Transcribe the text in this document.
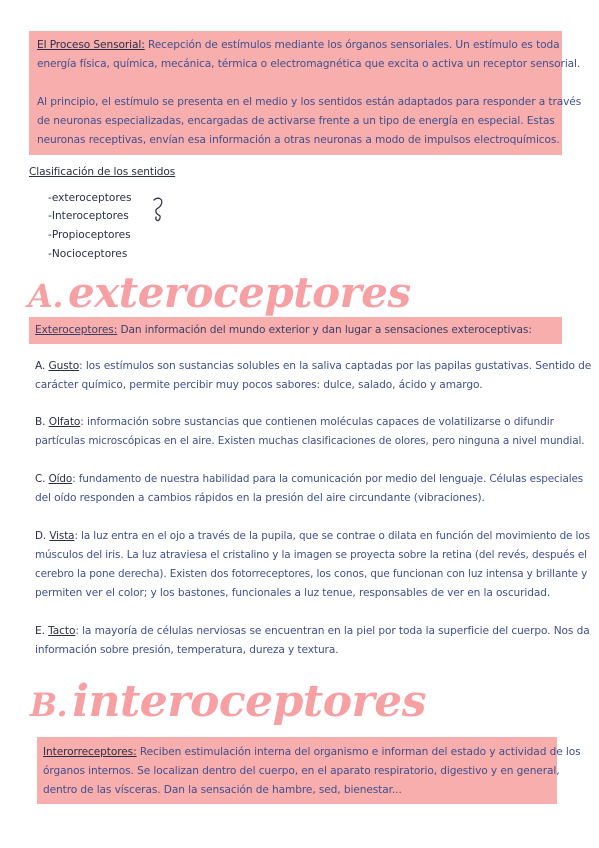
El Proceso Sensorial: Recepción de estímulos mediante los órganos sensoriales. Un estímulo es toda
energía física, química, mecánica, térmica o electromagnética que excita o activa un receptor sensorial.
Al principio, el estímulo se presenta en el medio y los sentidos están adaptados para responder a través
de neuronas especializadas, encargadas de activarse frente a un tipo de energía en especial. Estas
neuronas receptivas, envían esa información a otras neuronas a modo de impulsos electroquímicos.
Clasificación de los sentidos
-exteroceptores
-Interoceptores
-Propioceptores
-Nocioceptores
A. exteroceptores
Exteroceptores: Dan información del mundo exterior y dan lugar a sensaciones exteroceptivas:
A. Gusto: los estímulos son sustancias solubles en la saliva captadas por las papilas gustativas. Sentido de
carácter químico, permite percibir muy pocos sabores: dulce, salado, ácido y amargo.
B. Olfato: información sobre sustancias que contienen moléculas capaces de volatilizarse o difundir
partículas microscópicas en el aire. Existen muchas clasificaciones de olores, pero ninguna a nivel mundial.
C. Oído: fundamento de nuestra habilidad para la comunicación por medio del lenguaje. Células especiales
del oído responden a cambios rápidos en la presión del aire circundante (vibraciones).
D. Vista: la luz entra en el ojo a través de la pupila, que se contrae o dilata en función del movimiento de los
músculos del iris. La luz atraviesa el cristalino y la imagen se proyecta sobre la retina (del revés, después el
cerebro la pone derecha). Existen dos fotorreceptores, los conos, que funcionan con luz intensa y brillante y
permiten ver el color; y los bastones, funcionales a luz tenue, responsables de ver en la oscuridad.
E. Tacto: la mayoría de células nerviosas se encuentran en la piel por toda la superficie del cuerpo. Nos da
información sobre presión, temperatura, dureza y textura.
B. interoceptores
Interorreceptores: Reciben estimulación interna del organismo e informan del estado y actividad de los
órganos internos. Se localizan dentro del cuerpo, en el aparato respiratorio, digestivo y en general,
dentro de las vísceras. Dan la sensación de hambre, sed, bienestar...
